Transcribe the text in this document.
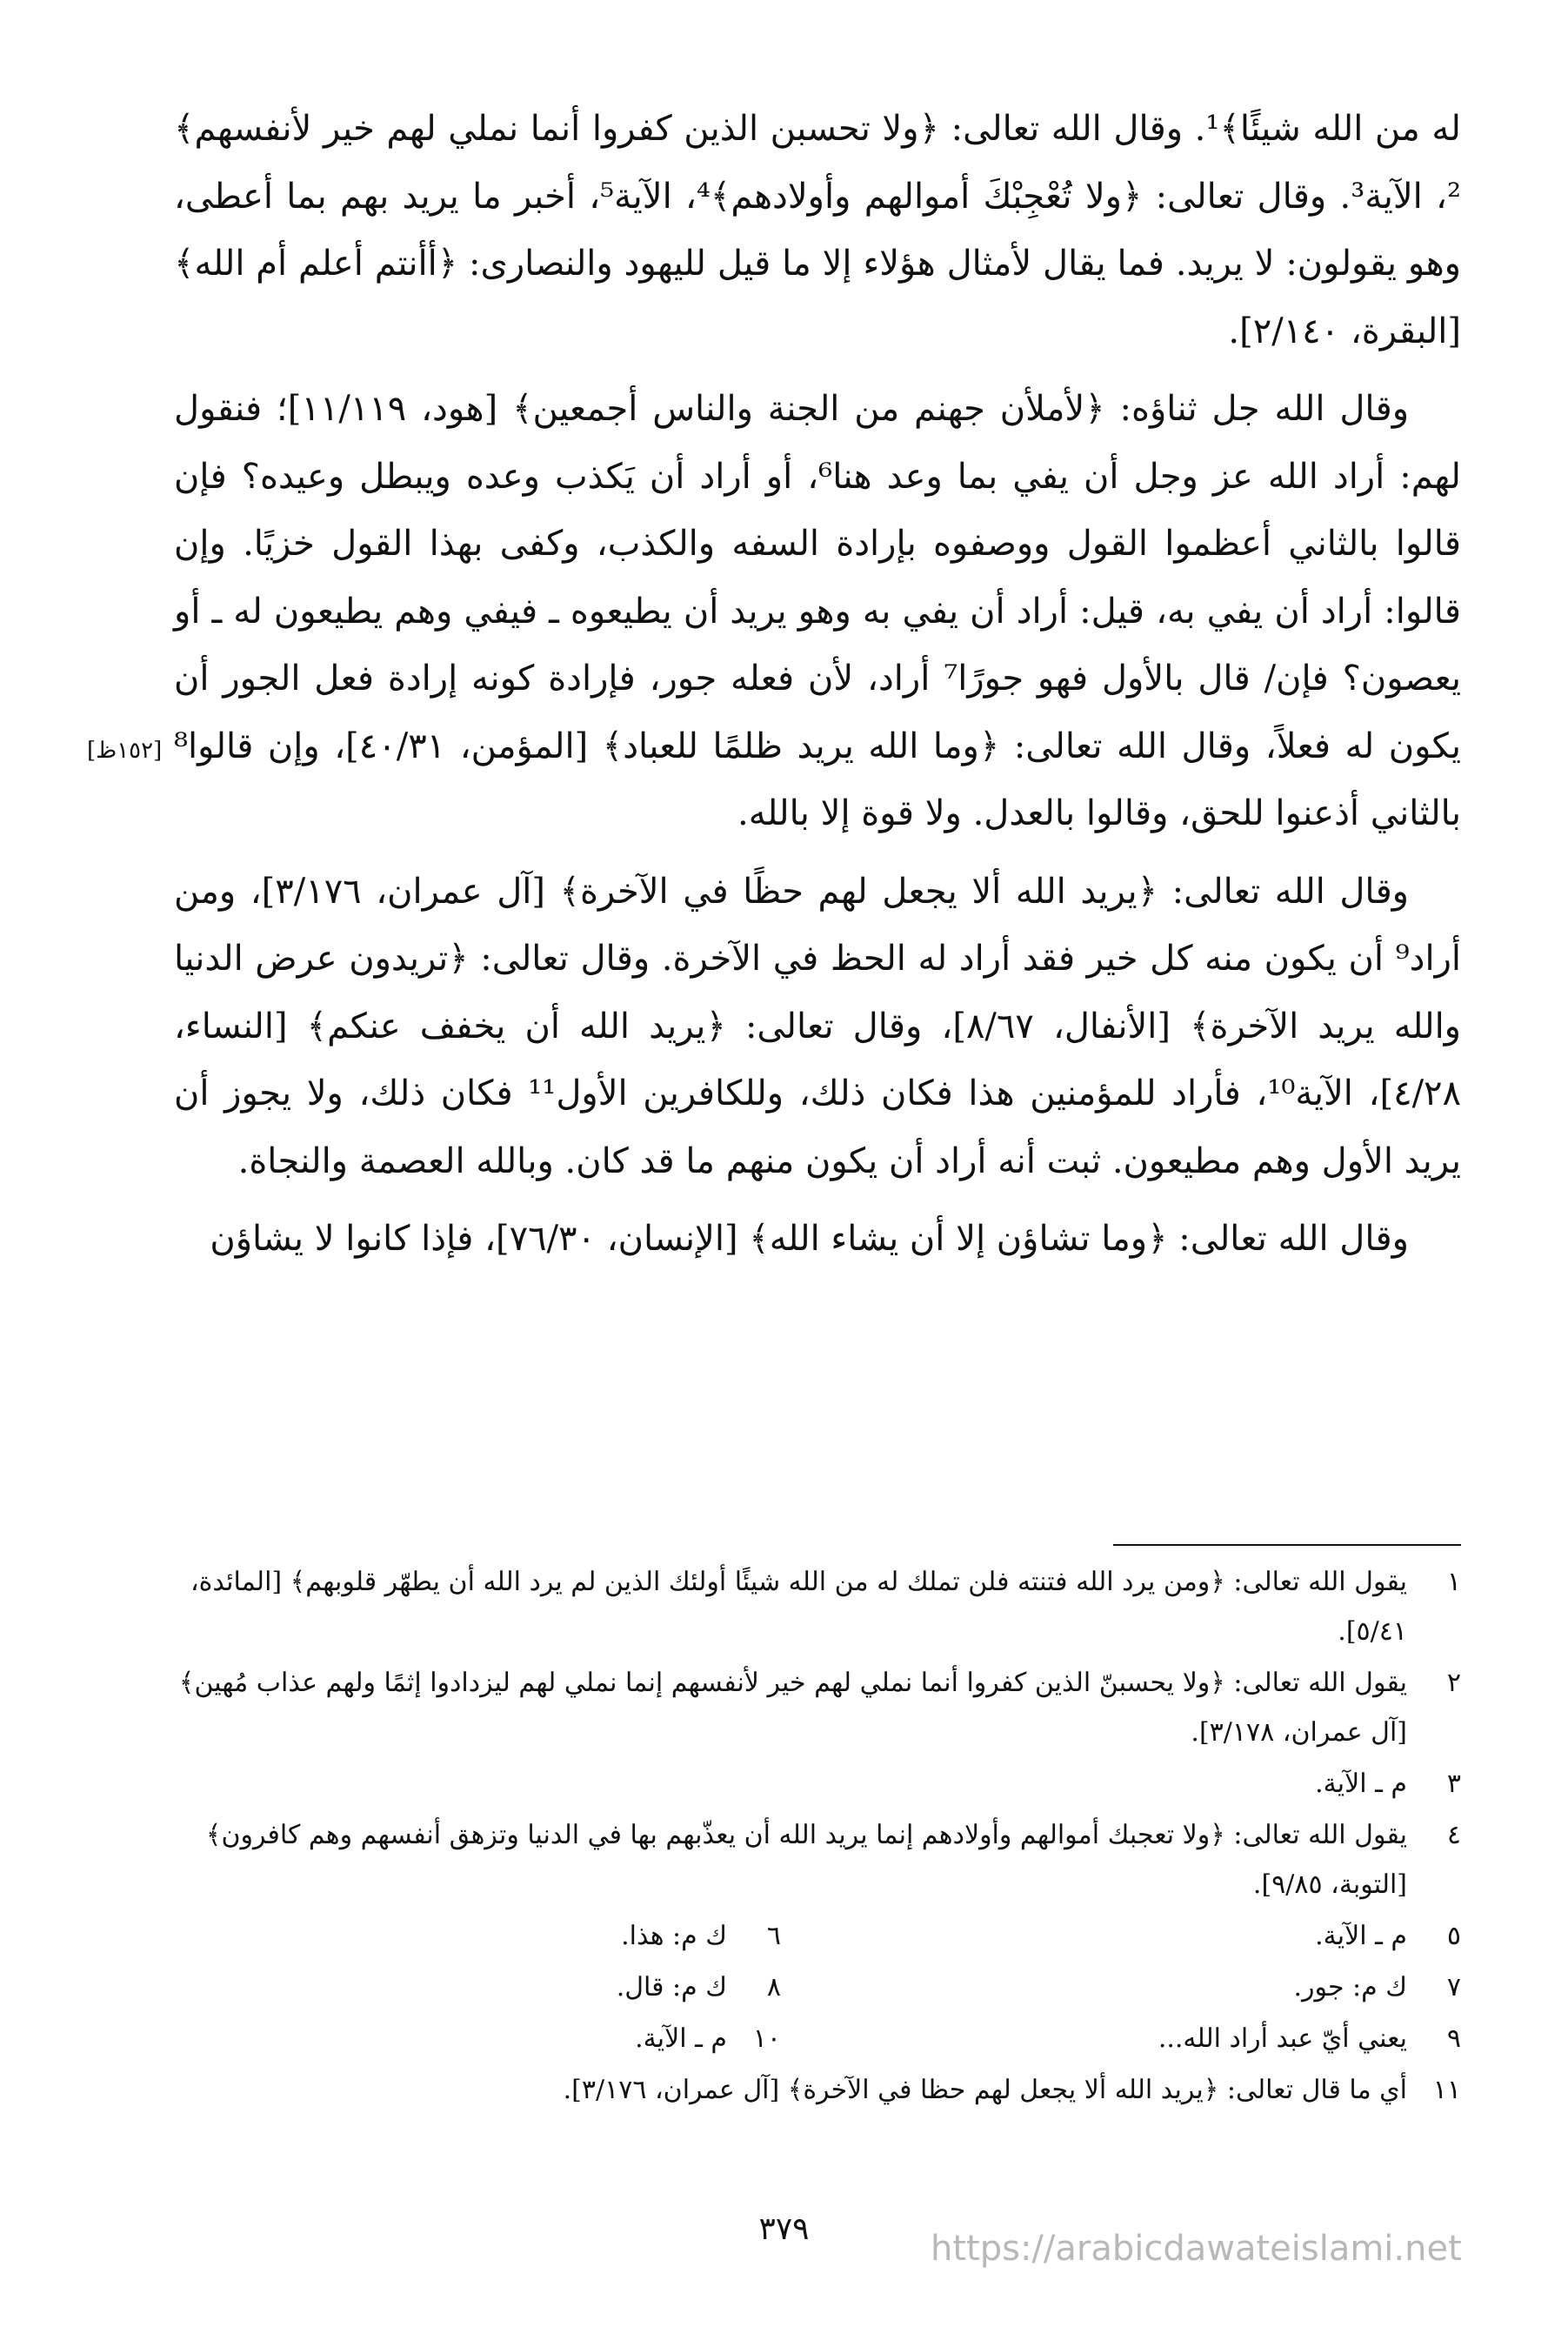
له من الله شيئًا﴾¹. وقال الله تعالى: ﴿ولا تحسبن الذين كفروا أنما نملي لهم خير لأنفسهم﴾²، الآية³. وقال تعالى: ﴿ولا تُعْجِبْكَ أموالهم وأولادهم﴾⁴، الآية⁵، أخبر ما يريد بهم بما أعطى، وهو يقولون: لا يريد. فما يقال لأمثال هؤلاء إلا ما قيل لليهود والنصارى: ﴿أأنتم أعلم أم الله﴾ [البقرة، ٢/١٤٠].

وقال الله جل ثناؤه: ﴿لأملأن جهنم من الجنة والناس أجمعين﴾ [هود، ١١/١١٩]؛ فنقول لهم: أراد الله عز وجل أن يفي بما وعد هنا⁶، أو أراد أن يَكذب وعده ويبطل وعيده؟ فإن قالوا بالثاني أعظموا القول ووصفوه بإرادة السفه والكذب، وكفى بهذا القول خزيًا. وإن قالوا: أراد أن يفي به، قيل: أراد أن يفي به وهو يريد أن يطيعوه ـ فيفي وهم يطيعون له ـ أو يعصون؟ فإن/ قال بالأول فهو جورًا⁷ أراد، لأن فعله جور، فإرادة كونه إرادة فعل الجور أن يكون له فعلاً، وقال الله تعالى: ﴿وما الله يريد ظلمًا للعباد﴾ [المؤمن، ٤٠/٣١]، وإن قالوا⁸ بالثاني أذعنوا للحق، وقالوا بالعدل. ولا قوة إلا بالله.

وقال الله تعالى: ﴿يريد الله ألا يجعل لهم حظًا في الآخرة﴾ [آل عمران، ٣/١٧٦]، ومن أراد⁹ أن يكون منه كل خير فقد أراد له الحظ في الآخرة. وقال تعالى: ﴿تريدون عرض الدنيا والله يريد الآخرة﴾ [الأنفال، ٨/٦٧]، وقال تعالى: ﴿يريد الله أن يخفف عنكم﴾ [النساء، ٤/٢٨]، الآية¹⁰، فأراد للمؤمنين هذا فكان ذلك، وللكافرين الأول¹¹ فكان ذلك، ولا يجوز أن يريد الأول وهم مطيعون. ثبت أنه أراد أن يكون منهم ما قد كان. وبالله العصمة والنجاة.

وقال الله تعالى: ﴿وما تشاؤن إلا أن يشاء الله﴾ [الإنسان، ٧٦/٣٠]، فإذا كانوا لا يشاؤن

[١٥٢ظ]
١
يقول الله تعالى: ﴿ومن يرد الله فتنته فلن تملك له من الله شيئًا أولئك الذين لم يرد الله أن يطهّر قلوبهم﴾ [المائدة، ٥/٤١].
٢
يقول الله تعالى: ﴿ولا يحسبنّ الذين كفروا أنما نملي لهم خير لأنفسهم إنما نملي لهم ليزدادوا إثمًا ولهم عذاب مُهين﴾ [آل عمران، ٣/١٧٨].
٣
م ـ الآية.
٤
يقول الله تعالى: ﴿ولا تعجبك أموالهم وأولادهم إنما يريد الله أن يعذّبهم بها في الدنيا وتزهق أنفسهم وهم كافرون﴾ [التوبة، ٩/٨٥].
٥
م ـ الآية.
٦
ك م: هذا.
٧
ك م: جور.
٨
ك م: قال.
٩
يعني أيّ عبد أراد الله...
١٠
م ـ الآية.
١١
أي ما قال تعالى: ﴿يريد الله ألا يجعل لهم حظا في الآخرة﴾ [آل عمران، ٣/١٧٦].
٣٧٩	https://arabicdawateislami.net
